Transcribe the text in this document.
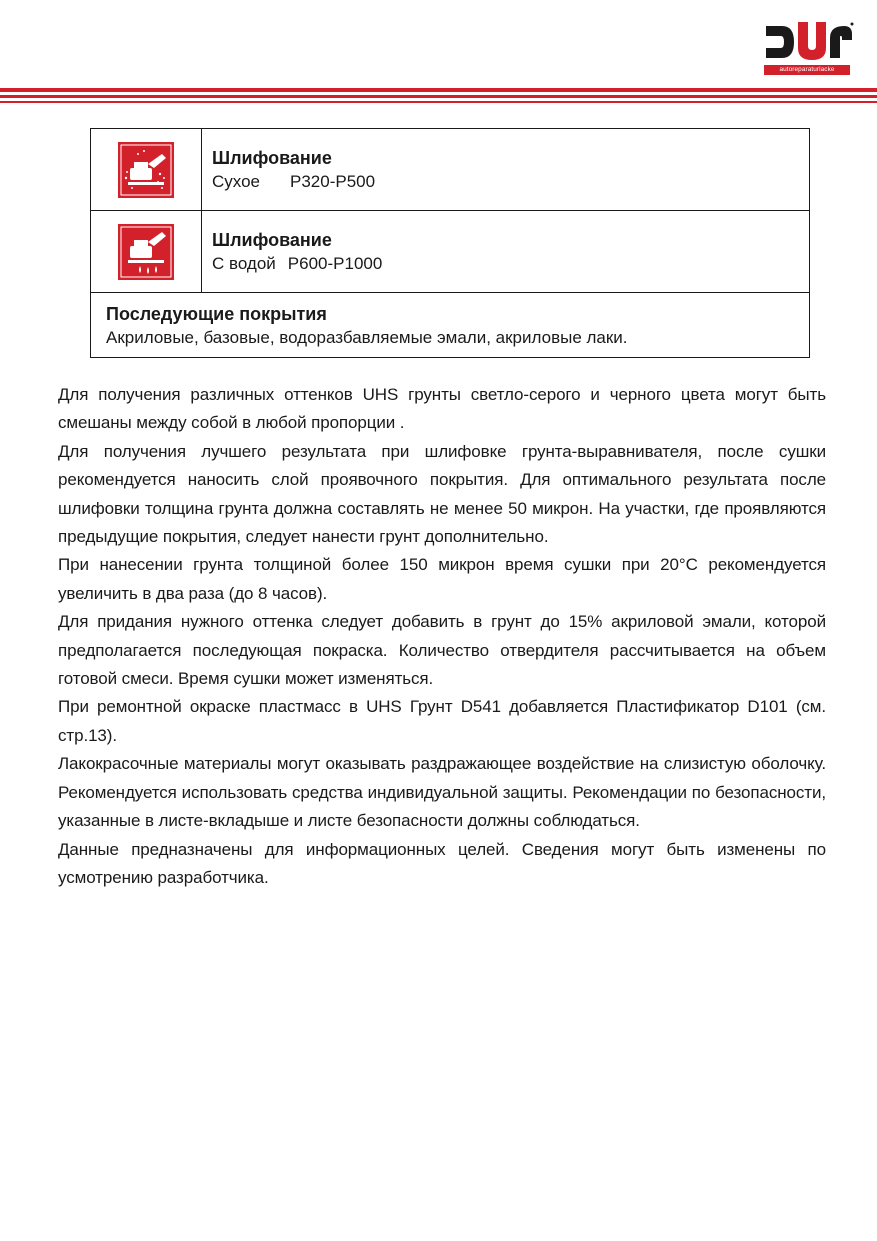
autoreparaturlacke
Шлифование
Сухое P320-P500
Шлифование
С водой P600-P1000
Последующие покрытия
Акриловые, базовые, водоразбавляемые эмали, акриловые лаки.

Для получения различных оттенков UHS грунты светло-серого и черного цвета могут быть смешаны между собой в любой пропорции .

Для получения лучшего результата при шлифовке грунта-выравнивателя, после сушки рекомендуется наносить слой проявочного покрытия. Для оптимального результата после шлифовки толщина грунта должна составлять не менее 50 микрон. На участки, где проявляются предыдущие покрытия, следует нанести грунт дополнительно.

При нанесении грунта толщиной более 150 микрон время сушки при 20°С рекомендуется увеличить в два раза (до 8 часов).

Для придания нужного оттенка следует добавить в грунт до 15% акриловой эмали, которой предполагается последующая покраска. Количество отвердителя рассчитывается на объем готовой смеси. Время сушки может изменяться.

При ремонтной окраске пластмасс в UHS Грунт D541 добавляется Пластификатор D101 (см. стр.13).

Лакокрасочные материалы могут оказывать раздражающее воздействие на слизистую оболочку. Рекомендуется использовать средства индивидуальной защиты. Рекомендации по безопасности, указанные в листе-вкладыше и листе безопасности должны соблюдаться.

Данные предназначены для информационных целей. Сведения могут быть изменены по усмотрению разработчика.
